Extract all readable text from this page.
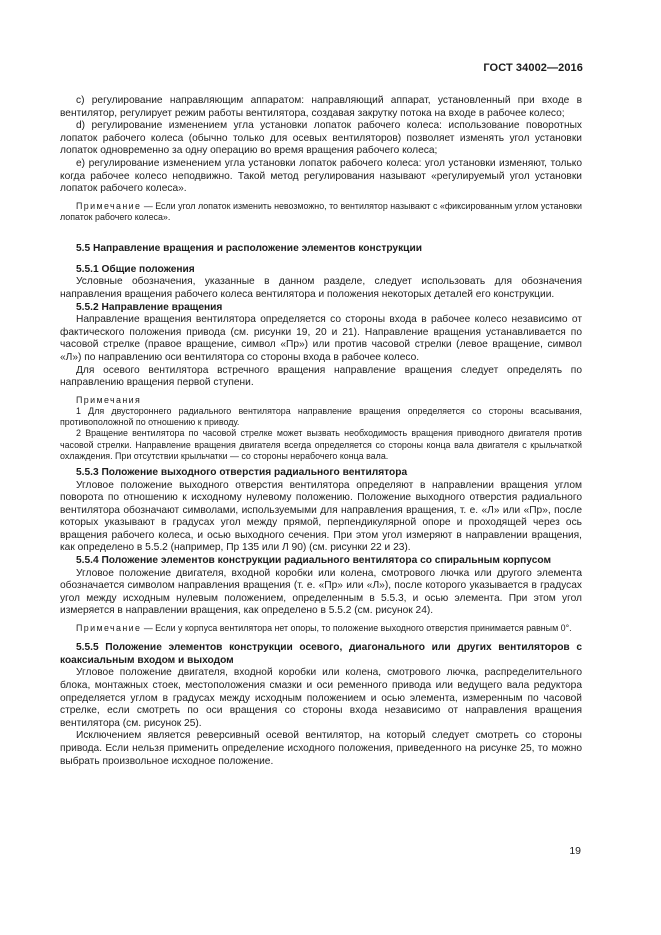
ГОСТ 34002—2016

c) регулирование направляющим аппаратом: направляющий аппарат, установленный при входе в вентилятор, регулирует режим работы вентилятора, создавая закрутку потока на входе в рабочее колесо;

d) регулирование изменением угла установки лопаток рабочего колеса: использование поворотных лопаток рабочего колеса (обычно только для осевых вентиляторов) позволяет изменять угол установки лопаток одновременно за одну операцию во время вращения рабочего колеса;

e) регулирование изменением угла установки лопаток рабочего колеса: угол установки изменяют, только когда рабочее колесо неподвижно. Такой метод регулирования называют «регулируемый угол установки лопаток рабочего колеса».

Примечание — Если угол лопаток изменить невозможно, то вентилятор называют с «фиксированным углом установки лопаток рабочего колеса».

5.5 Направление вращения и расположение элементов конструкции

5.5.1 Общие положения

Условные обозначения, указанные в данном разделе, следует использовать для обозначения направления вращения рабочего колеса вентилятора и положения некоторых деталей его конструкции.

5.5.2 Направление вращения

Направление вращения вентилятора определяется со стороны входа в рабочее колесо независимо от фактического положения привода (см. рисунки 19, 20 и 21). Направление вращения устанавливается по часовой стрелке (правое вращение, символ «Пр») или против часовой стрелки (левое вращение, символ «Л») по направлению оси вентилятора со стороны входа в рабочее колесо.

Для осевого вентилятора встречного вращения направление вращения следует определять по направлению вращения первой ступени.

Примечания

1 Для двустороннего радиального вентилятора направление вращения определяется со стороны всасывания, противоположной по отношению к приводу.

2 Вращение вентилятора по часовой стрелке может вызвать необходимость вращения приводного двигателя против часовой стрелки. Направление вращения двигателя всегда определяется со стороны конца вала двигателя с крыльчаткой охлаждения. При отсутствии крыльчатки — со стороны нерабочего конца вала.

5.5.3 Положение выходного отверстия радиального вентилятора

Угловое положение выходного отверстия вентилятора определяют в направлении вращения углом поворота по отношению к исходному нулевому положению. Положение выходного отверстия радиального вентилятора обозначают символами, используемыми для направления вращения, т. е. «Л» или «Пр», после которых указывают в градусах угол между прямой, перпендикулярной опоре и проходящей через ось вращения рабочего колеса, и осью выходного сечения. При этом угол измеряют в направлении вращения, как определено в 5.5.2 (например, Пр 135 или Л 90) (см. рисунки 22 и 23).

5.5.4 Положение элементов конструкции радиального вентилятора со спиральным корпусом

Угловое положение двигателя, входной коробки или колена, смотрового лючка или другого элемента обозначается символом направления вращения (т. е. «Пр» или «Л»), после которого указывается в градусах угол между исходным нулевым положением, определенным в 5.5.3, и осью элемента. При этом угол измеряется в направлении вращения, как определено в 5.5.2 (см. рисунок 24).

Примечание — Если у корпуса вентилятора нет опоры, то положение выходного отверстия принимается равным 0°.

5.5.5 Положение элементов конструкции осевого, диагонального или других вентиляторов с коаксиальным входом и выходом

Угловое положение двигателя, входной коробки или колена, смотрового лючка, распределительного блока, монтажных стоек, местоположения смазки и оси ременного привода или ведущего вала редуктора определяется углом в градусах между исходным положением и осью элемента, измеренным по часовой стрелке, если смотреть по оси вращения со стороны входа независимо от направления вращения вентилятора (см. рисунок 25).

Исключением является реверсивный осевой вентилятор, на который следует смотреть со стороны привода. Если нельзя применить определение исходного положения, приведенного на рисунке 25, то можно выбрать произвольное исходное положение.

19
